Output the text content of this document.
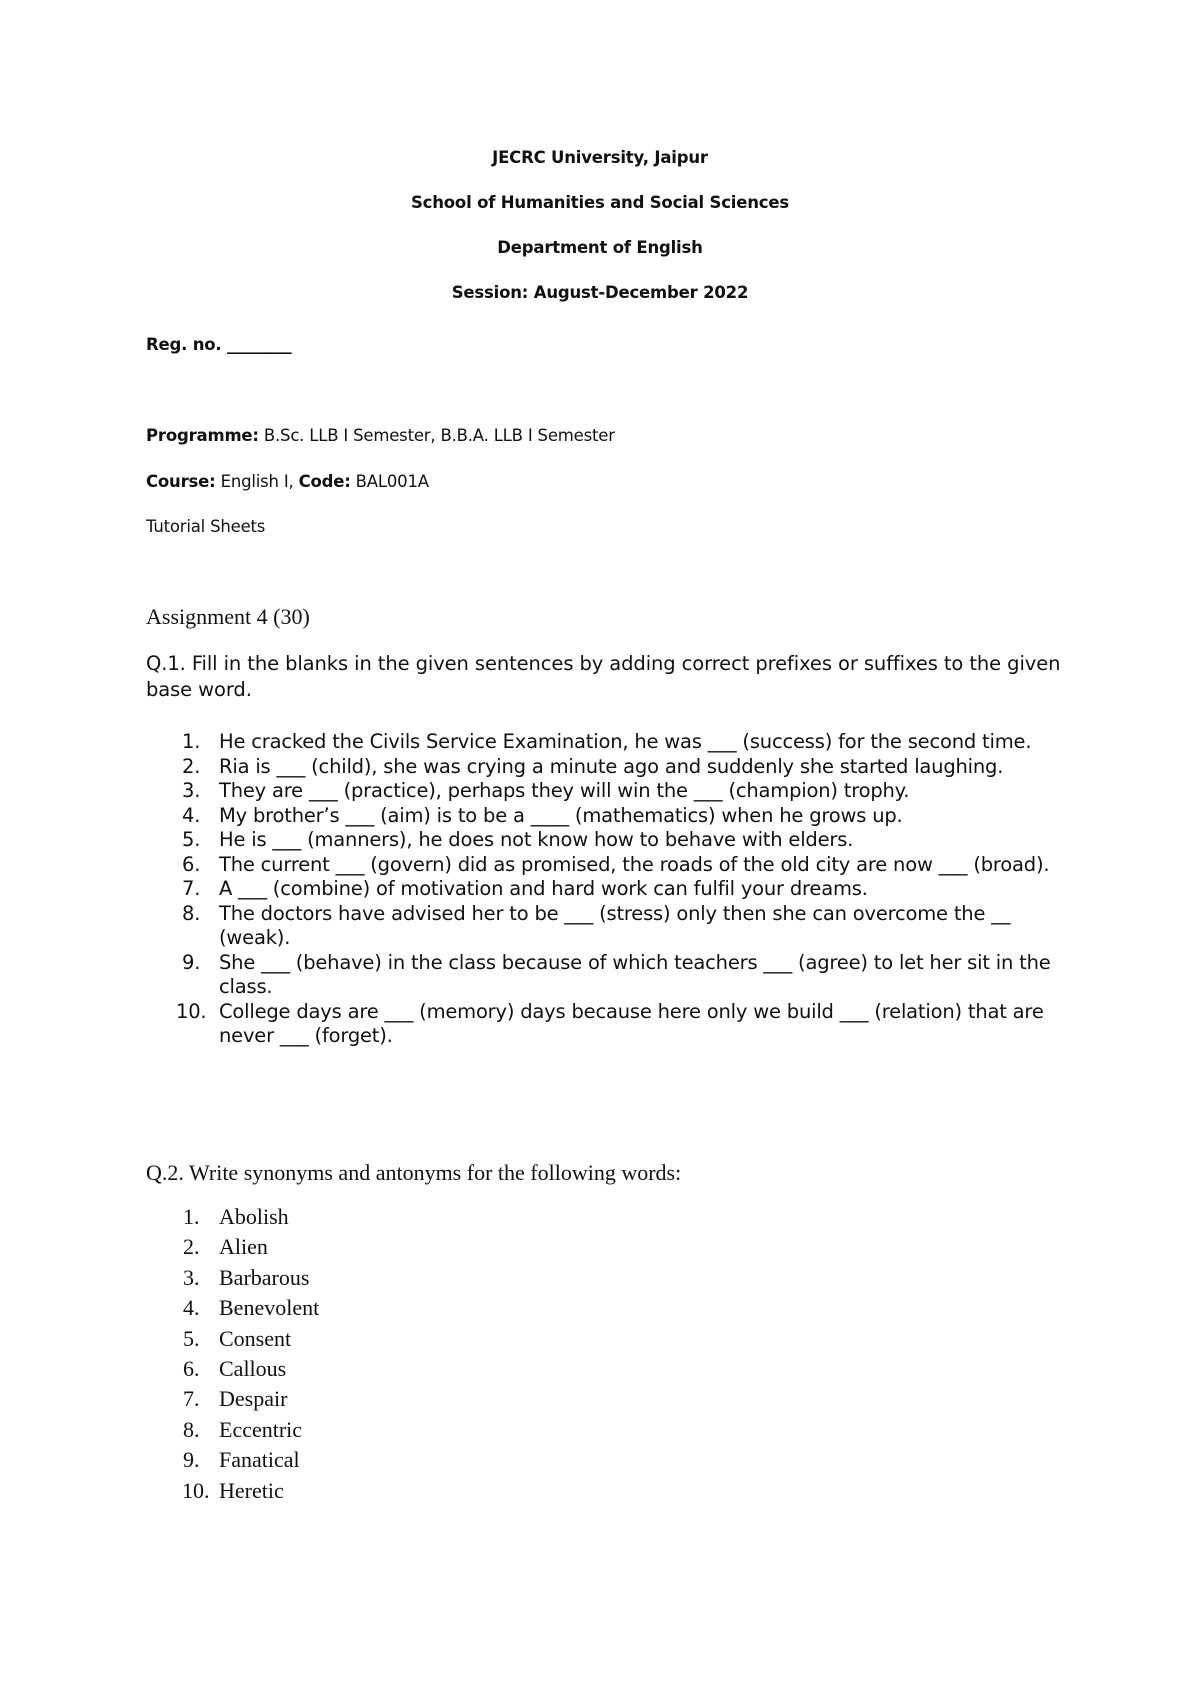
JECRC University, Jaipur
School of Humanities and Social Sciences
Department of English
Session: August-December 2022
Reg. no. ________
Programme: B.Sc. LLB I Semester, B.B.A. LLB I Semester
Course: English I, Code: BAL001A
Tutorial Sheets
Assignment 4 (30)
Q.1. Fill in the blanks in the given sentences by adding correct prefixes or suffixes to the given base word.
1. He cracked the Civils Service Examination, he was ___ (success) for the second time.
2. Ria is ___ (child), she was crying a minute ago and suddenly she started laughing.
3. They are ___ (practice), perhaps they will win the ___ (champion) trophy.
4. My brother’s ___ (aim) is to be a ____ (mathematics) when he grows up.
5. He is ___ (manners), he does not know how to behave with elders.
6. The current ___ (govern) did as promised, the roads of the old city are now ___ (broad).
7. A ___ (combine) of motivation and hard work can fulfil your dreams.
8. The doctors have advised her to be ___ (stress) only then she can overcome the __ (weak).
9. She ___ (behave) in the class because of which teachers ___ (agree) to let her sit in the class.
10. College days are ___ (memory) days because here only we build ___ (relation) that are never ___ (forget).
Q.2. Write synonyms and antonyms for the following words:
1. Abolish
2. Alien
3. Barbarous
4. Benevolent
5. Consent
6. Callous
7. Despair
8. Eccentric
9. Fanatical
10. Heretic
